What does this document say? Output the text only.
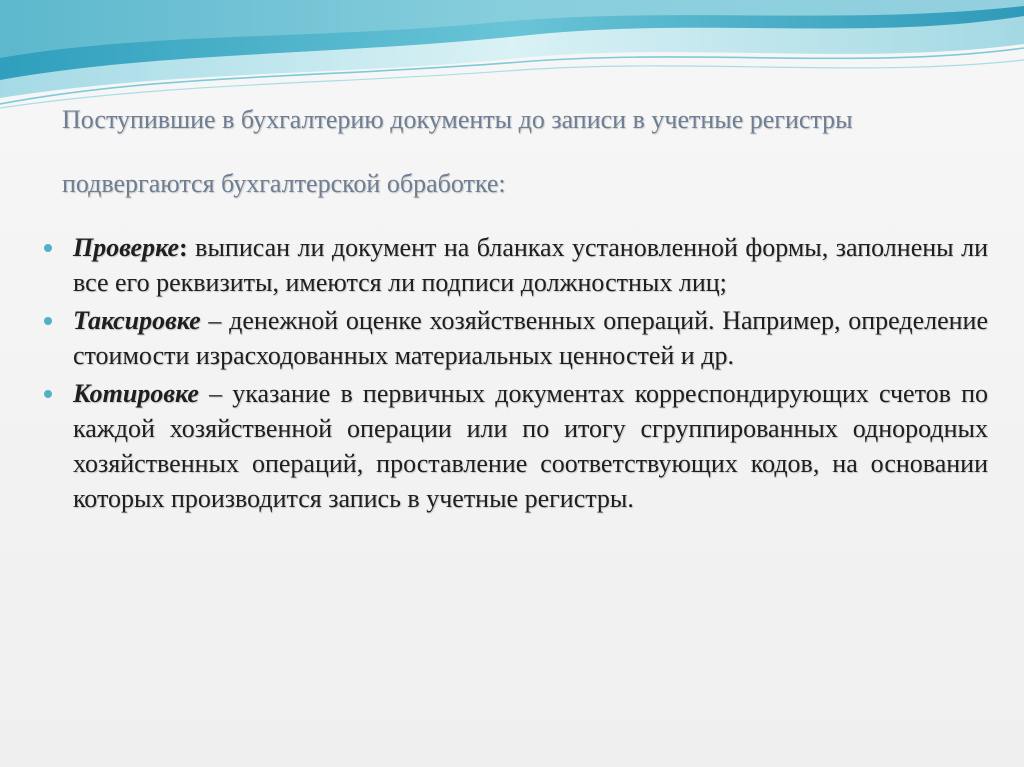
Поступившие в бухгалтерию документы до записи в учетные регистры
подвергаются бухгалтерской обработке:
Проверке: выписан ли документ на бланках установленной формы, заполнены ли все его реквизиты, имеются ли подписи должностных лиц;
Таксировке – денежной оценке хозяйственных операций. Например, определение стоимости израсходованных материальных ценностей и др.
Котировке – указание в первичных документах корреспондирующих счетов по каждой хозяйственной операции или по итогу сгруппированных однородных хозяйственных операций, проставление соответствующих кодов, на основании которых производится запись в учетные регистры.
